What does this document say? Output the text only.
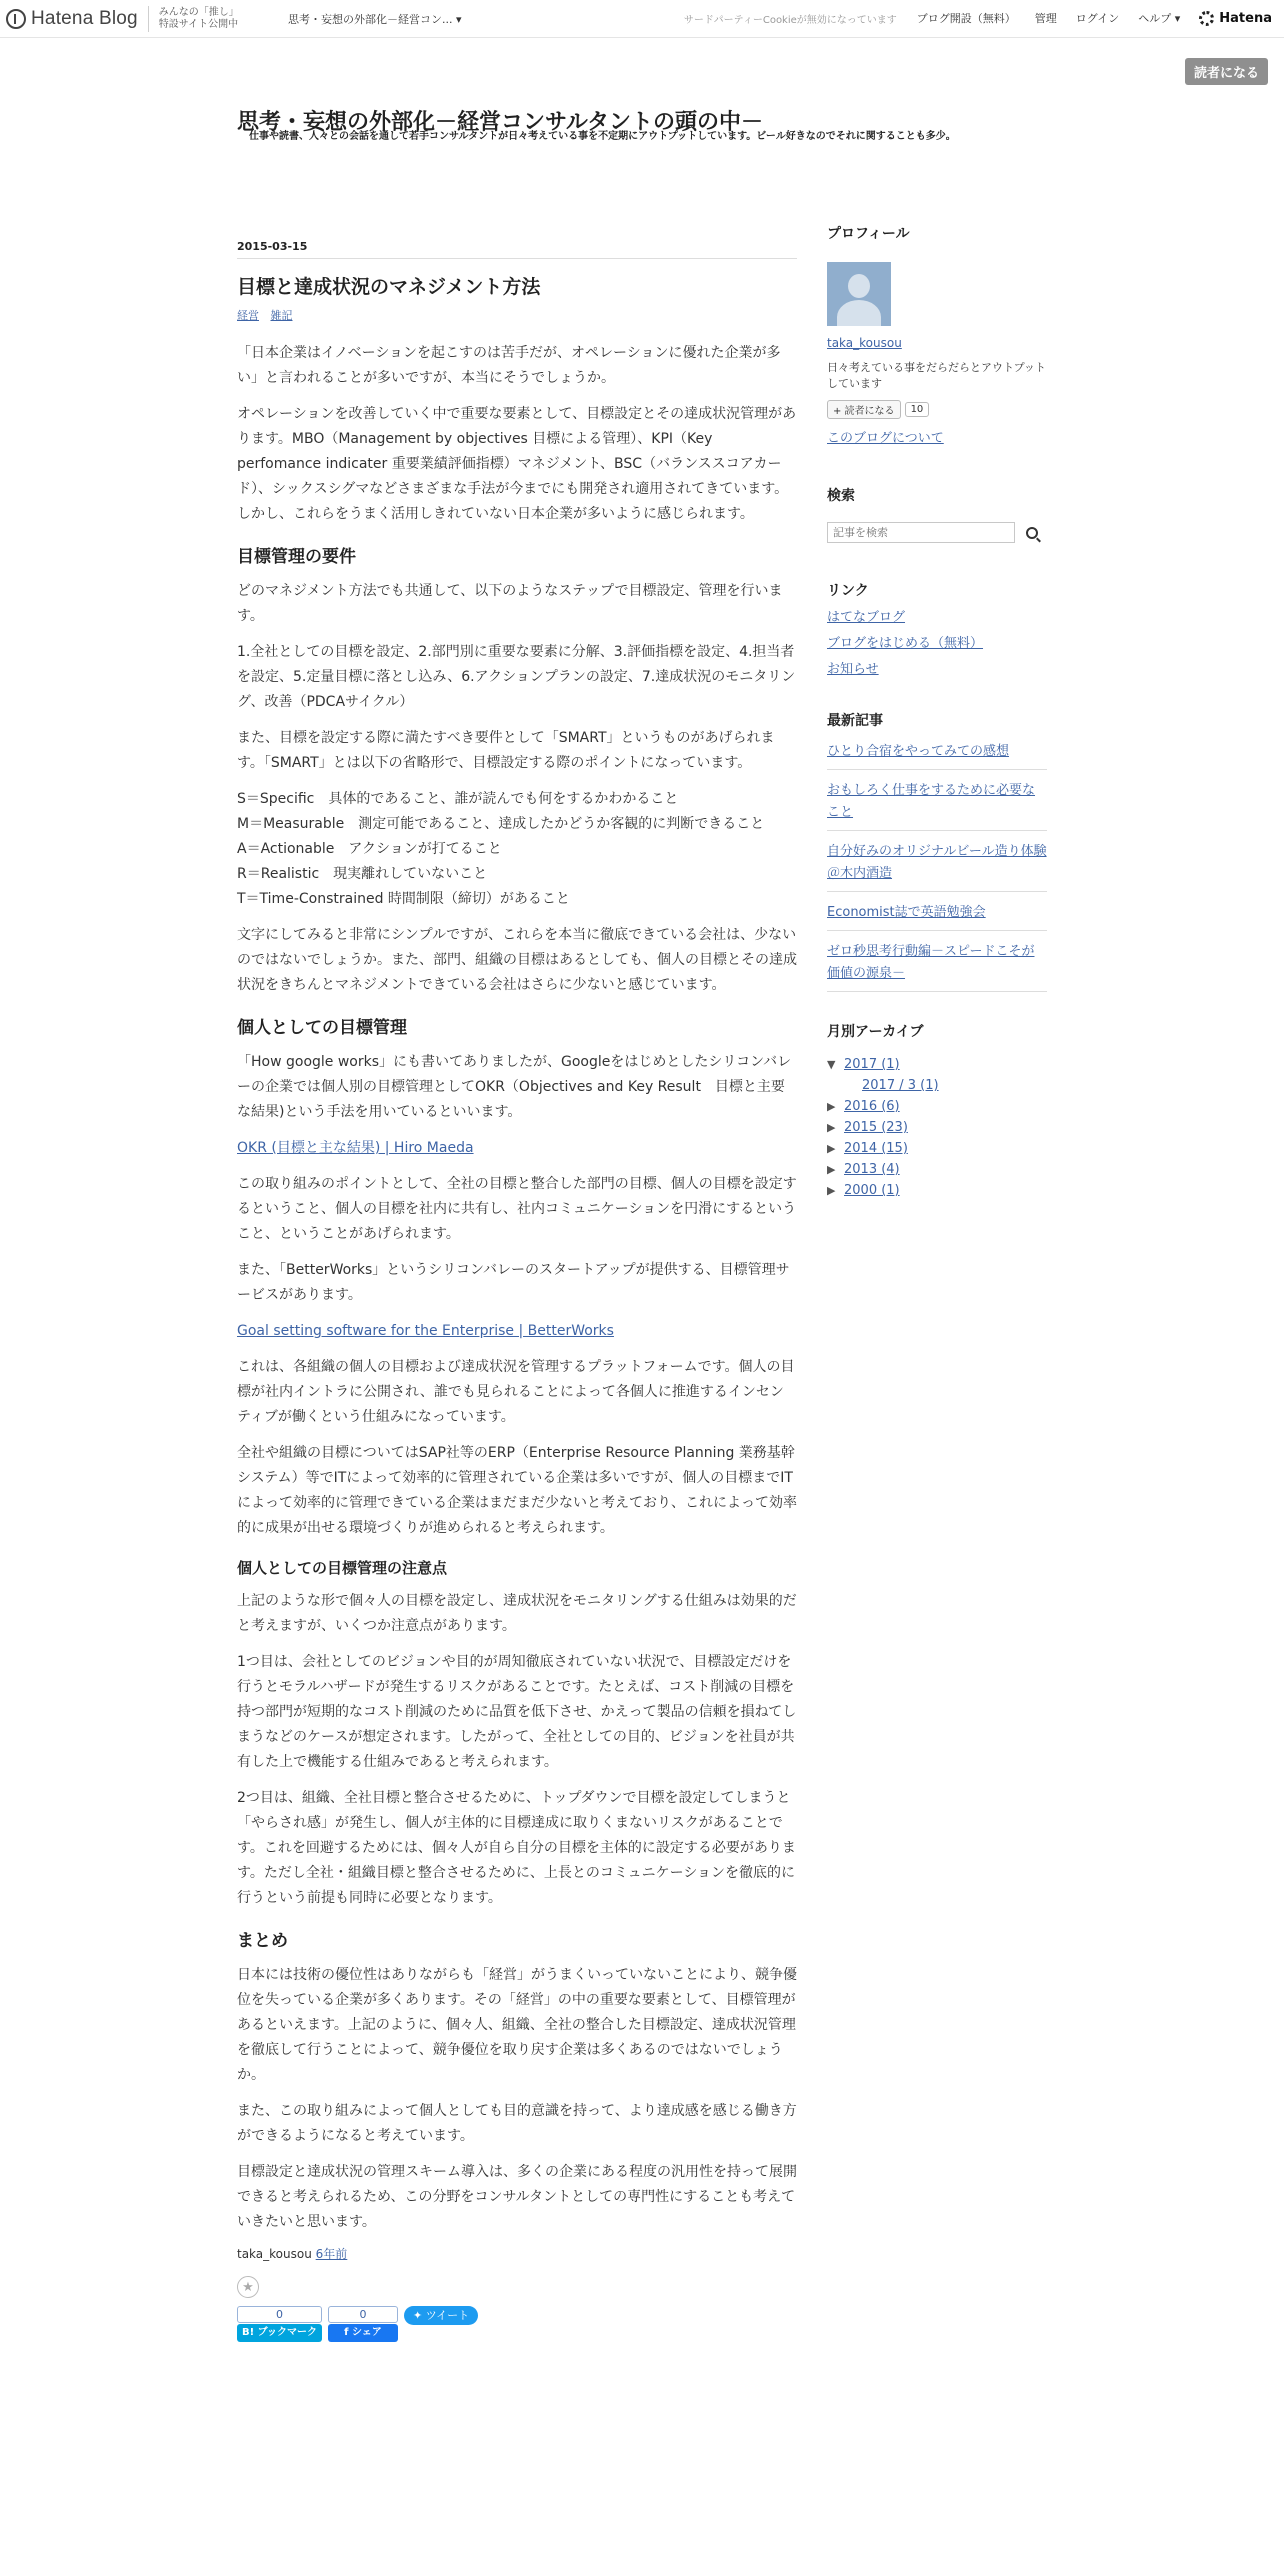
Hatena Blog みんなの「推し」
特設サイト公開中	思考・妄想の外部化－経営コン... ▾	サードパーティーCookieが無効になっています ブログ開設（無料） 管理 ログイン ヘルプ ▾	Hatena
読者になる
思考・妄想の外部化－経営コンサルタントの頭の中－
仕事や読書、人々との会話を通して若手コンサルタントが日々考えている事を不定期にアウトプットしています。ビール好きなのでそれに関することも多少。
2015-03-15
目標と達成状況のマネジメント方法
経営 雑記

「日本企業はイノベーションを起こすのは苦手だが、オペレーションに優れた企業が多い」と言われることが多いですが、本当にそうでしょうか。

オペレーションを改善していく中で重要な要素として、目標設定とその達成状況管理があります。MBO（Management by objectives 目標による管理）、KPI（Key perfomance indicater 重要業績評価指標）マネジメント、BSC（バランススコアカード）、シックスシグマなどさまざまな手法が今までにも開発され適用されてきています。しかし、これらをうまく活用しきれていない日本企業が多いように感じられます。

目標管理の要件

どのマネジメント方法でも共通して、以下のようなステップで目標設定、管理を行います。

1.全社としての目標を設定、2.部門別に重要な要素に分解、3.評価指標を設定、4.担当者を設定、5.定量目標に落とし込み、6.アクションプランの設定、7.達成状況のモニタリング、改善（PDCAサイクル）

また、目標を設定する際に満たすべき要件として「SMART」というものがあげられます。「SMART」とは以下の省略形で、目標設定する際のポイントになっています。

S＝Specific　具体的であること、誰が読んでも何をするかわかること
M＝Measurable　測定可能であること、達成したかどうか客観的に判断できること
A＝Actionable　アクションが打てること
R＝Realistic　現実離れしていないこと
T＝Time‐Constrained 時間制限（締切）があること

文字にしてみると非常にシンプルですが、これらを本当に徹底できている会社は、少ないのではないでしょうか。また、部門、組織の目標はあるとしても、個人の目標とその達成状況をきちんとマネジメントできている会社はさらに少ないと感じています。

個人としての目標管理

「How google works」にも書いてありましたが、Googleをはじめとしたシリコンバレーの企業では個人別の目標管理としてOKR（Objectives and Key Result　目標と主要な結果)という手法を用いているといいます。

OKR (目標と主な結果) | Hiro Maeda

この取り組みのポイントとして、全社の目標と整合した部門の目標、個人の目標を設定するということ、個人の目標を社内に共有し、社内コミュニケーションを円滑にするということ、ということがあげられます。

また、「BetterWorks」というシリコンバレーのスタートアップが提供する、目標管理サービスがあります。

Goal setting software for the Enterprise | BetterWorks

これは、各組織の個人の目標および達成状況を管理するプラットフォームです。個人の目標が社内イントラに公開され、誰でも見られることによって各個人に推進するインセンティブが働くという仕組みになっています。

全社や組織の目標についてはSAP社等のERP（Enterprise Resource Planning 業務基幹システム）等でITによって効率的に管理されている企業は多いですが、個人の目標までITによって効率的に管理できている企業はまだまだ少ないと考えており、これによって効率的に成果が出せる環境づくりが進められると考えられます。

個人としての目標管理の注意点

上記のような形で個々人の目標を設定し、達成状況をモニタリングする仕組みは効果的だと考えますが、いくつか注意点があります。

1つ目は、会社としてのビジョンや目的が周知徹底されていない状況で、目標設定だけを行うとモラルハザードが発生するリスクがあることです。たとえば、コスト削減の目標を持つ部門が短期的なコスト削減のために品質を低下させ、かえって製品の信頼を損ねてしまうなどのケースが想定されます。したがって、全社としての目的、ビジョンを社員が共有した上で機能する仕組みであると考えられます。

2つ目は、組織、全社目標と整合させるために、トップダウンで目標を設定してしまうと「やらされ感」が発生し、個人が主体的に目標達成に取りくまないリスクがあることです。これを回避するためには、個々人が自ら自分の目標を主体的に設定する必要があります。ただし全社・組織目標と整合させるために、上長とのコミュニケーションを徹底的に行うという前提も同時に必要となります。

まとめ

日本には技術の優位性はありながらも「経営」がうまくいっていないことにより、競争優位を失っている企業が多くあります。その「経営」の中の重要な要素として、目標管理があるといえます。上記のように、個々人、組織、全社の整合した目標設定、達成状況管理を徹底して行うことによって、競争優位を取り戻す企業は多くあるのではないでしょうか。

また、この取り組みによって個人としても目的意識を持って、より達成感を感じる働き方ができるようになると考えています。

目標設定と達成状況の管理スキーム導入は、多くの企業にある程度の汎用性を持って展開できると考えられるため、この分野をコンサルタントとしての専門性にすることも考えていきたいと思います。

taka_kousou 6年前
★
0
B! ブックマーク
0
f シェア
✦ ツイート
プロフィール
taka_kousou
日々考えている事をだらだらとアウトプットしています
+ 読者になる	10
このブログについて
検索
記事を検索
リンク
はてなブログ
ブログをはじめる（無料）
お知らせ
最新記事
ひとり合宿をやってみての感想
おもしろく仕事をするために必要なこと
自分好みのオリジナルビール造り体験＠木内酒造
Economist誌で英語勉強会
ゼロ秒思考行動編－スピードこそが価値の源泉－
月別アーカイブ
▼ 2017 (1)
2017 / 3 (1)
▶ 2016 (6)
▶ 2015 (23)
▶ 2014 (15)
▶ 2013 (4)
▶ 2000 (1)
